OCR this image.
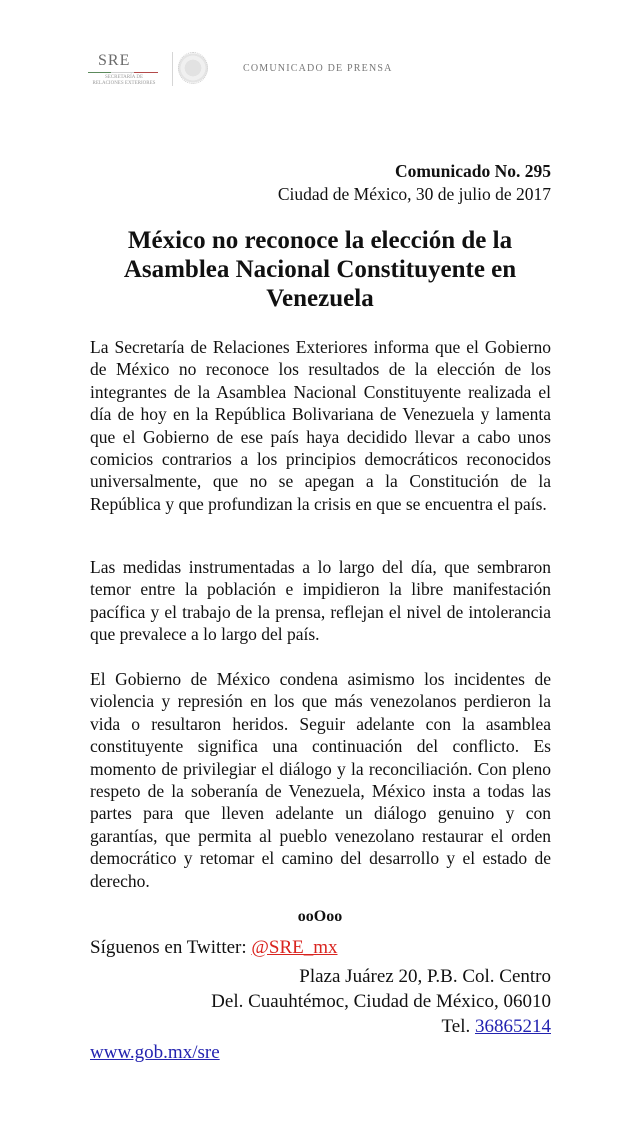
SRE
SECRETARÍA DE RELACIONES EXTERIORES
COMUNICADO DE PRENSA
Comunicado No. 295
Ciudad de México, 30 de julio de 2017
México no reconoce la elección de la Asamblea Nacional Constituyente en Venezuela

La Secretaría de Relaciones Exteriores informa que el Gobierno de México no reconoce los resultados de la elección de los integrantes de la Asamblea Nacional Constituyente realizada el día de hoy en la República Bolivariana de Venezuela y lamenta que el Gobierno de ese país haya decidido llevar a cabo unos comicios contrarios a los principios democráticos reconocidos universalmente, que no se apegan a la Constitución de la República y que profundizan la crisis en que se encuentra el país.

Las medidas instrumentadas a lo largo del día, que sembraron temor entre la población e impidieron la libre manifestación pacífica y el trabajo de la prensa, reflejan el nivel de intolerancia que prevalece a lo largo del país.

El Gobierno de México condena asimismo los incidentes de violencia y represión en los que más venezolanos perdieron la vida o resultaron heridos. Seguir adelante con la asamblea constituyente significa una continuación del conflicto. Es momento de privilegiar el diálogo y la reconciliación. Con pleno respeto de la soberanía de Venezuela, México insta a todas las partes para que lleven adelante un diálogo genuino y con garantías, que permita al pueblo venezolano restaurar el orden democrático y retomar el camino del desarrollo y el estado de derecho.

ooOoo
Síguenos en Twitter: @SRE_mx
Plaza Juárez 20, P.B. Col. Centro
Del. Cuauhtémoc, Ciudad de México, 06010
Tel. 36865214
www.gob.mx/sre
